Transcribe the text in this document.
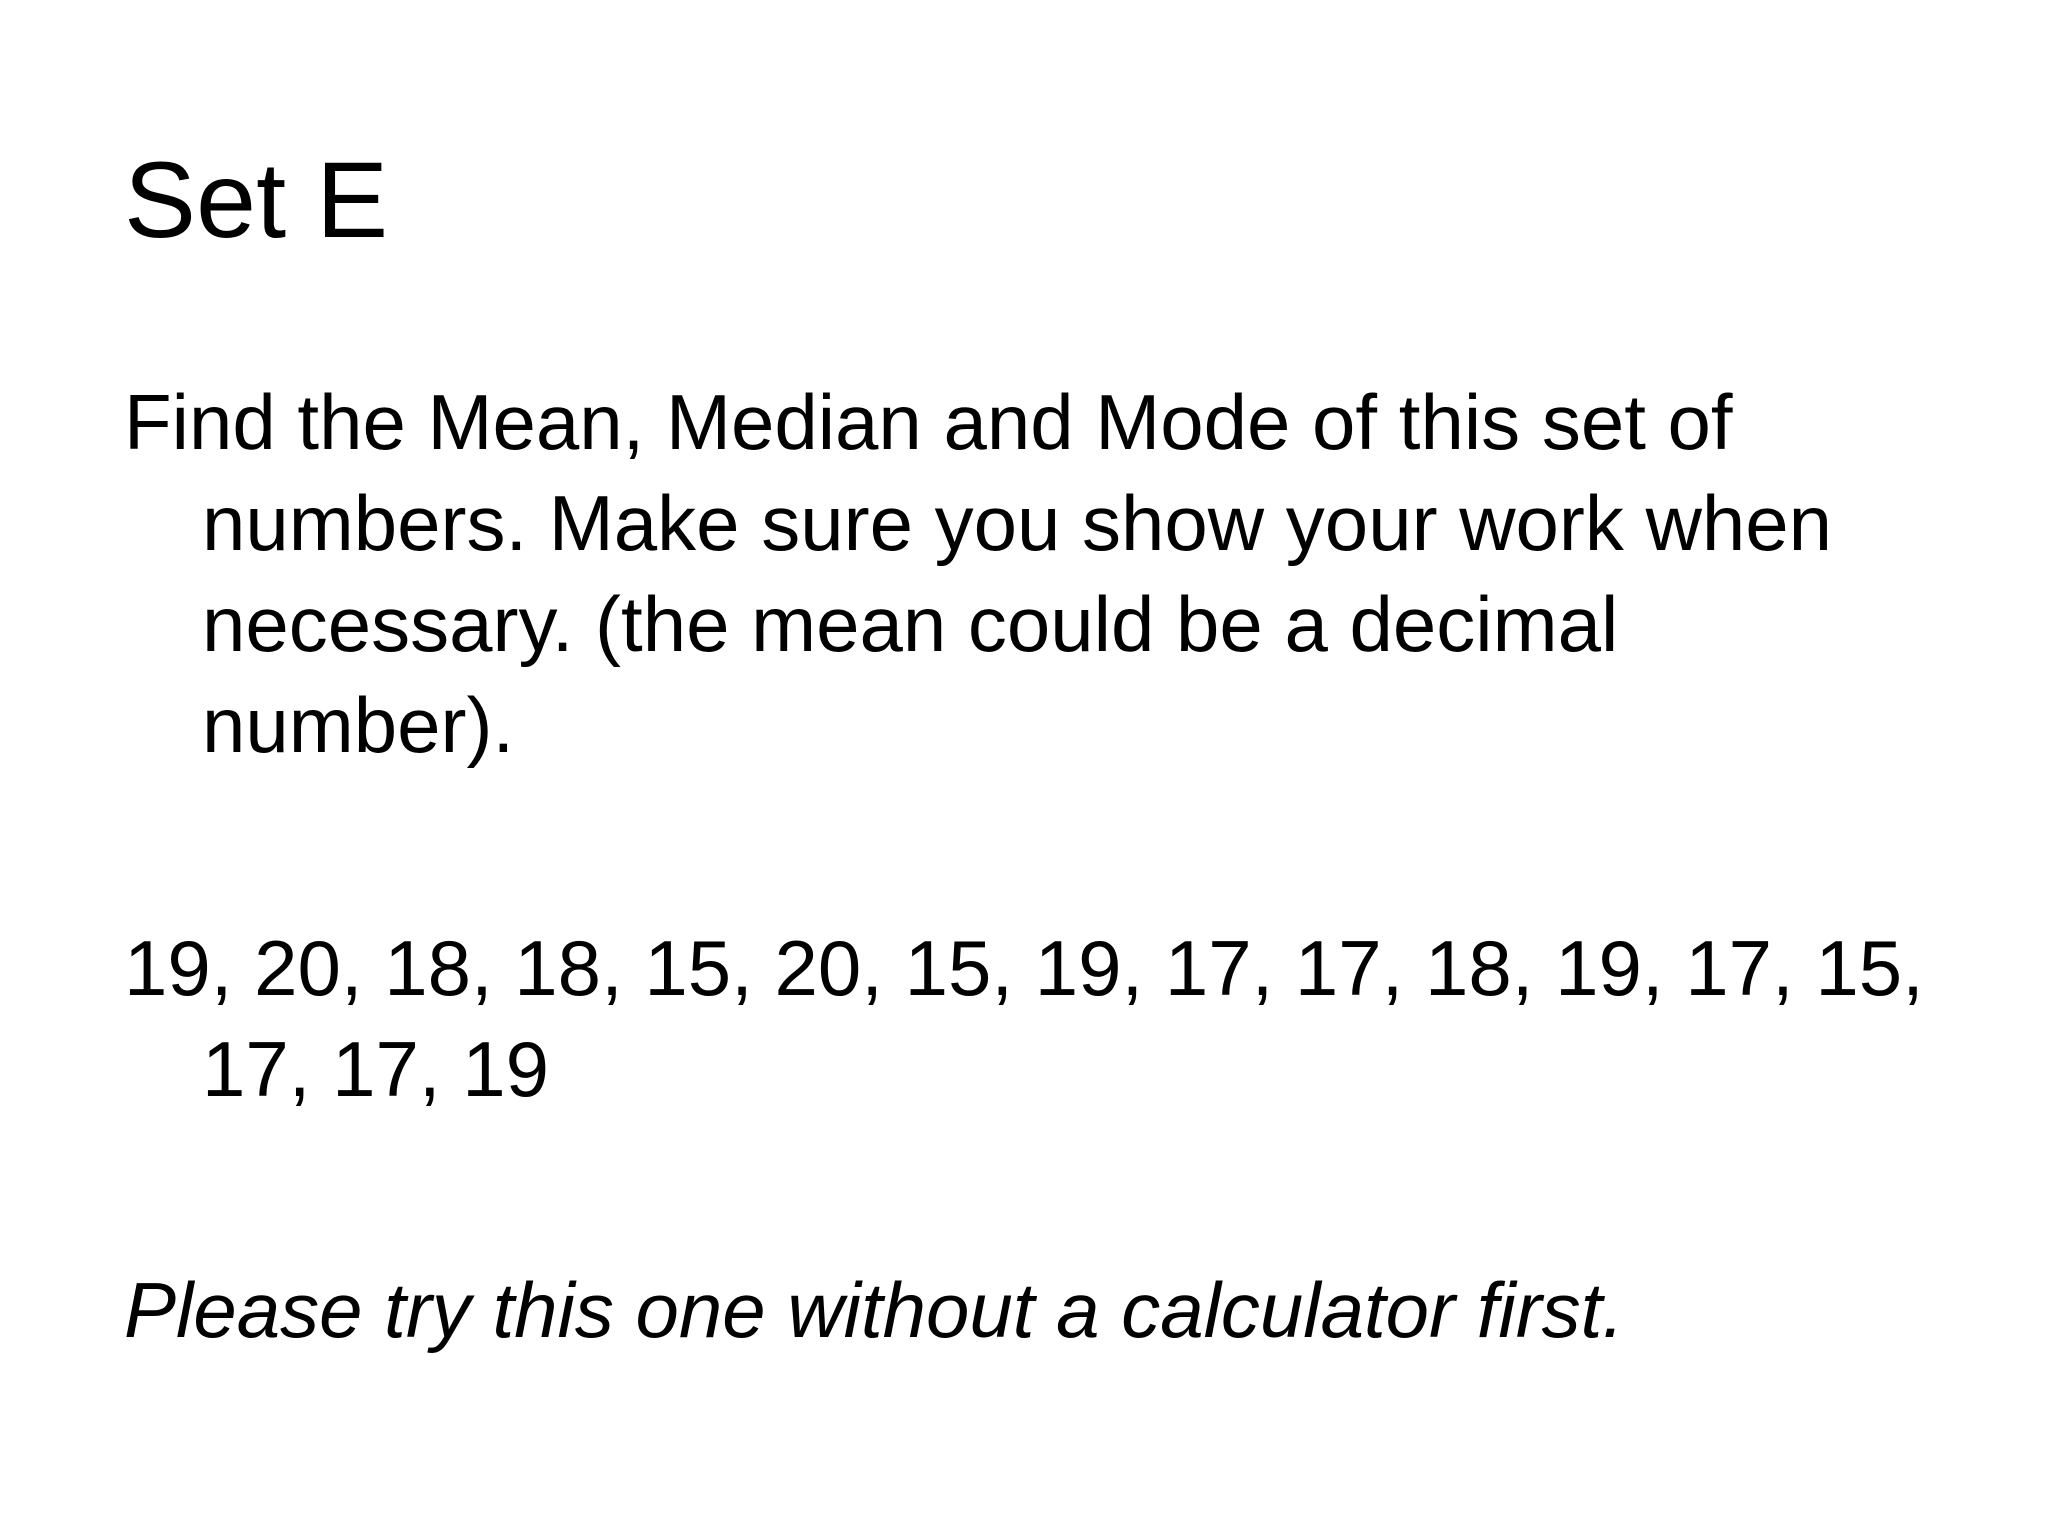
Set E

Find the Mean, Median and Mode of this set of numbers. Make sure you show your work when necessary. (the mean could be a decimal number).

19, 20, 18, 18, 15, 20, 15, 19, 17, 17, 18, 19, 17, 15, 17, 17, 19

Please try this one without a calculator first.
